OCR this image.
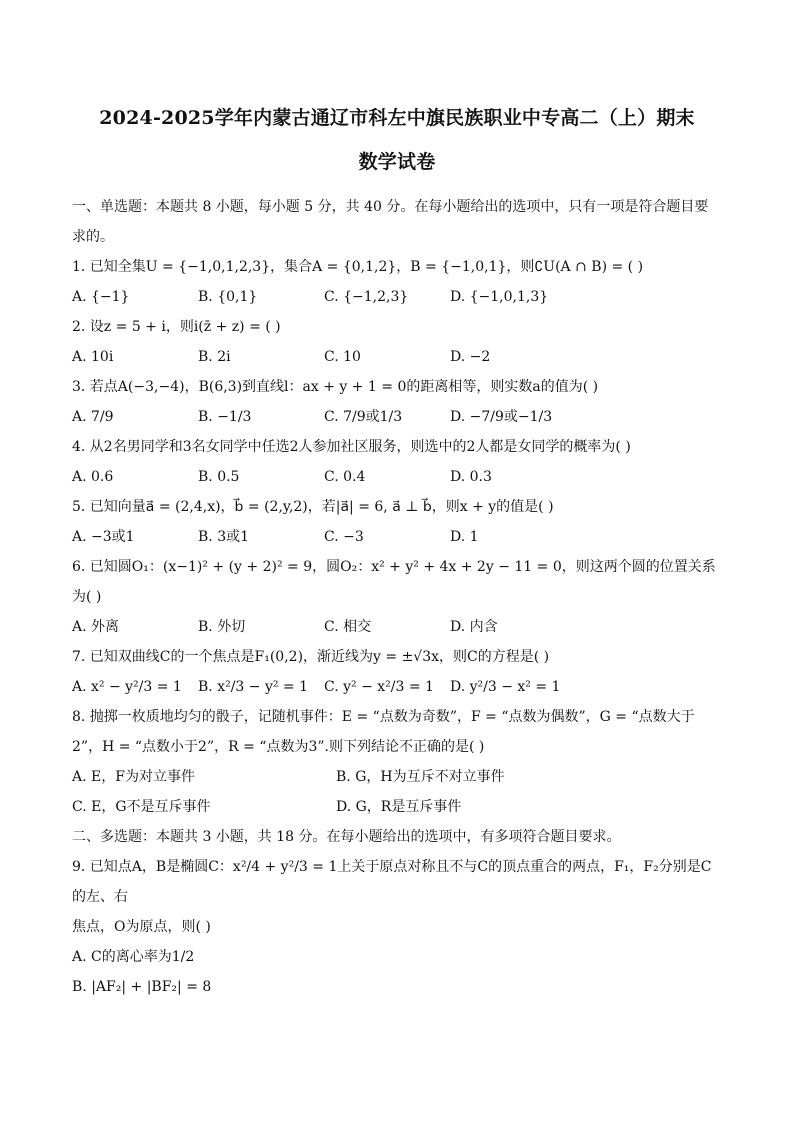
2024-2025学年内蒙古通辽市科左中旗民族职业中专高二（上）期末

数学试卷

一、单选题：本题共 8 小题，每小题 5 分，共 40 分。在每小题给出的选项中，只有一项是符合题目要求的。

1. 已知全集U = {−1,0,1,2,3}，集合A = {0,1,2}，B = {−1,0,1}，则∁U(A ∩ B) = ( )

A. {−1}	B. {0,1}	C. {−1,2,3}	D. {−1,0,1,3}

2. 设z = 5 + i，则i(z̄ + z) = ( )

A. 10i	B. 2i	C. 10	D. −2

3. 若点A(−3,−4)，B(6,3)到直线l：ax + y + 1 = 0的距离相等，则实数a的值为( )

A. 7/9	B. −1/3	C. 7/9或1/3	D. −7/9或−1/3

4. 从2名男同学和3名女同学中任选2人参加社区服务，则选中的2人都是女同学的概率为( )

A. 0.6	B. 0.5	C. 0.4	D. 0.3

5. 已知向量a⃗ = (2,4,x)，b⃗ = (2,y,2)，若|a⃗| = 6, a⃗ ⊥ b⃗，则x + y的值是( )

A. −3或1	B. 3或1	C. −3	D. 1

6. 已知圆O₁：(x−1)² + (y + 2)² = 9，圆O₂：x² + y² + 4x + 2y − 11 = 0，则这两个圆的位置关系为( )

A. 外离	B. 外切	C. 相交	D. 内含

7. 已知双曲线C的一个焦点是F₁(0,2)，渐近线为y = ±√3x，则C的方程是( )

A. x² − y²/3 = 1	B. x²/3 − y² = 1	C. y² − x²/3 = 1	D. y²/3 − x² = 1

8. 抛掷一枚质地均匀的骰子，记随机事件：E = “点数为奇数”，F = “点数为偶数”，G = “点数大于

2”，H = “点数小于2”，R = “点数为3”.则下列结论不正确的是( )

A. E，F为对立事件	B. G，H为互斥不对立事件
C. E，G不是互斥事件	D. G，R是互斥事件

二、多选题：本题共 3 小题，共 18 分。在每小题给出的选项中，有多项符合题目要求。

9. 已知点A，B是椭圆C：x²/4 + y²/3 = 1上关于原点对称且不与C的顶点重合的两点，F₁，F₂分别是C的左、右

焦点，O为原点，则( )

A. C的离心率为1/2

B. |AF₂| + |BF₂| = 8
